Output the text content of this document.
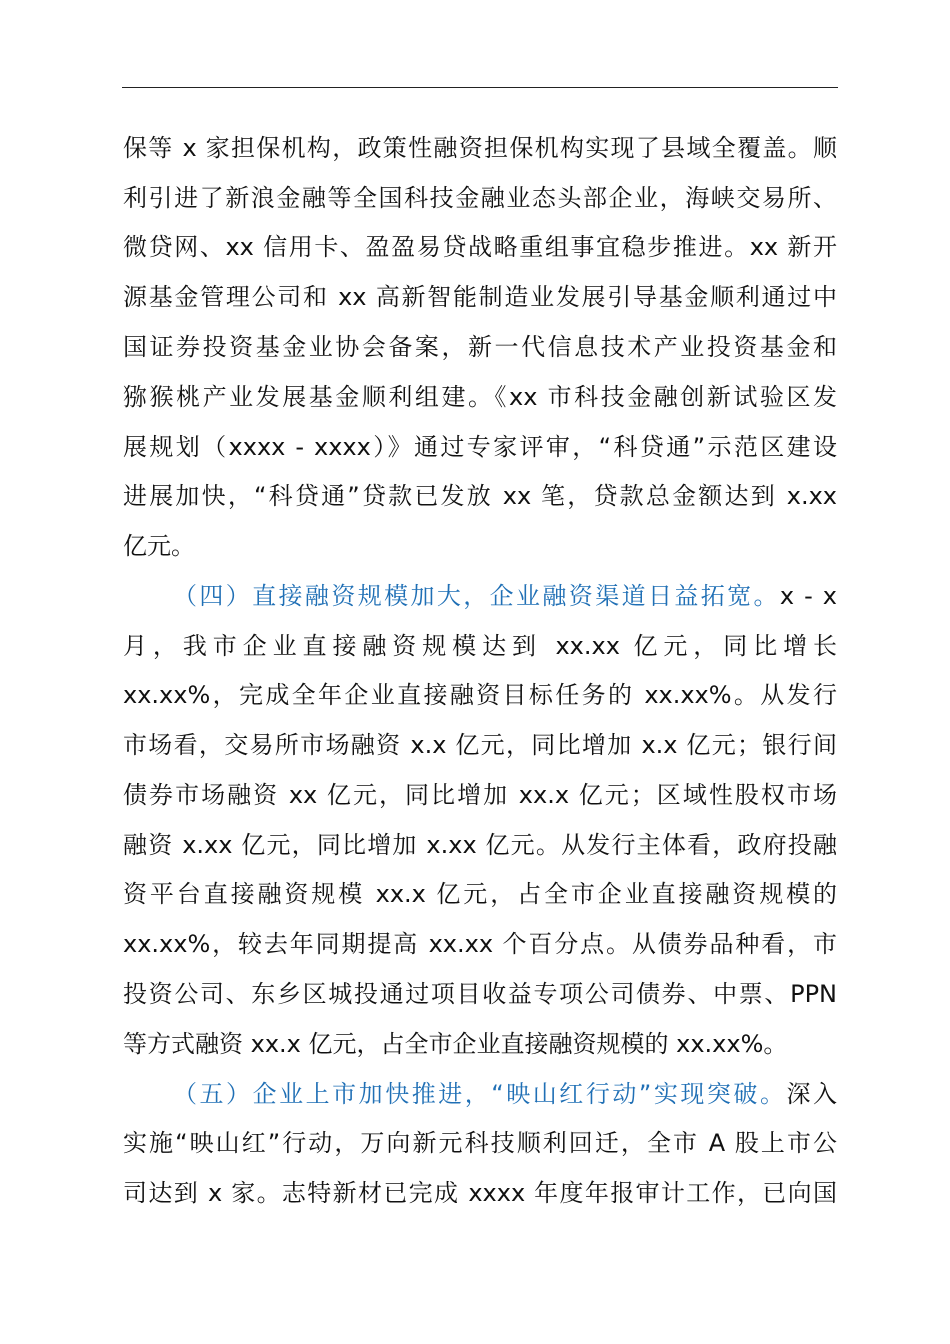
保等 x 家担保机构，政策性融资担保机构实现了县域全覆盖。顺
利引进了新浪金融等全国科技金融业态头部企业，海峡交易所、
微贷网、xx 信用卡、盈盈易贷战略重组事宜稳步推进。xx 新开
源基金管理公司和 xx 高新智能制造业发展引导基金顺利通过中
国证券投资基金业协会备案，新一代信息技术产业投资基金和
猕猴桃产业发展基金顺利组建。《xx 市科技金融创新试验区发
展规划（xxxx - xxxx）》通过专家评审，“科贷通”示范区建设
进展加快，“科贷通”贷款已发放 xx 笔，贷款总金额达到 x.xx
亿元。
（四）直接融资规模加大，企业融资渠道日益拓宽。x - x
月，我市企业直接融资规模达到 xx.xx 亿元，同比增长
xx.xx%，完成全年企业直接融资目标任务的 xx.xx%。从发行
市场看，交易所市场融资 x.x 亿元，同比增加 x.x 亿元；银行间
债券市场融资 xx 亿元，同比增加 xx.x 亿元；区域性股权市场
融资 x.xx 亿元，同比增加 x.xx 亿元。从发行主体看，政府投融
资平台直接融资规模 xx.x 亿元，占全市企业直接融资规模的
xx.xx%，较去年同期提高 xx.xx 个百分点。从债券品种看，市
投资公司、东乡区城投通过项目收益专项公司债券、中票、PPN
等方式融资 xx.x 亿元，占全市企业直接融资规模的 xx.xx%。
（五）企业上市加快推进，“映山红行动”实现突破。深入
实施“映山红”行动，万向新元科技顺利回迁，全市 A 股上市公
司达到 x 家。志特新材已完成 xxxx 年度年报审计工作，已向国
